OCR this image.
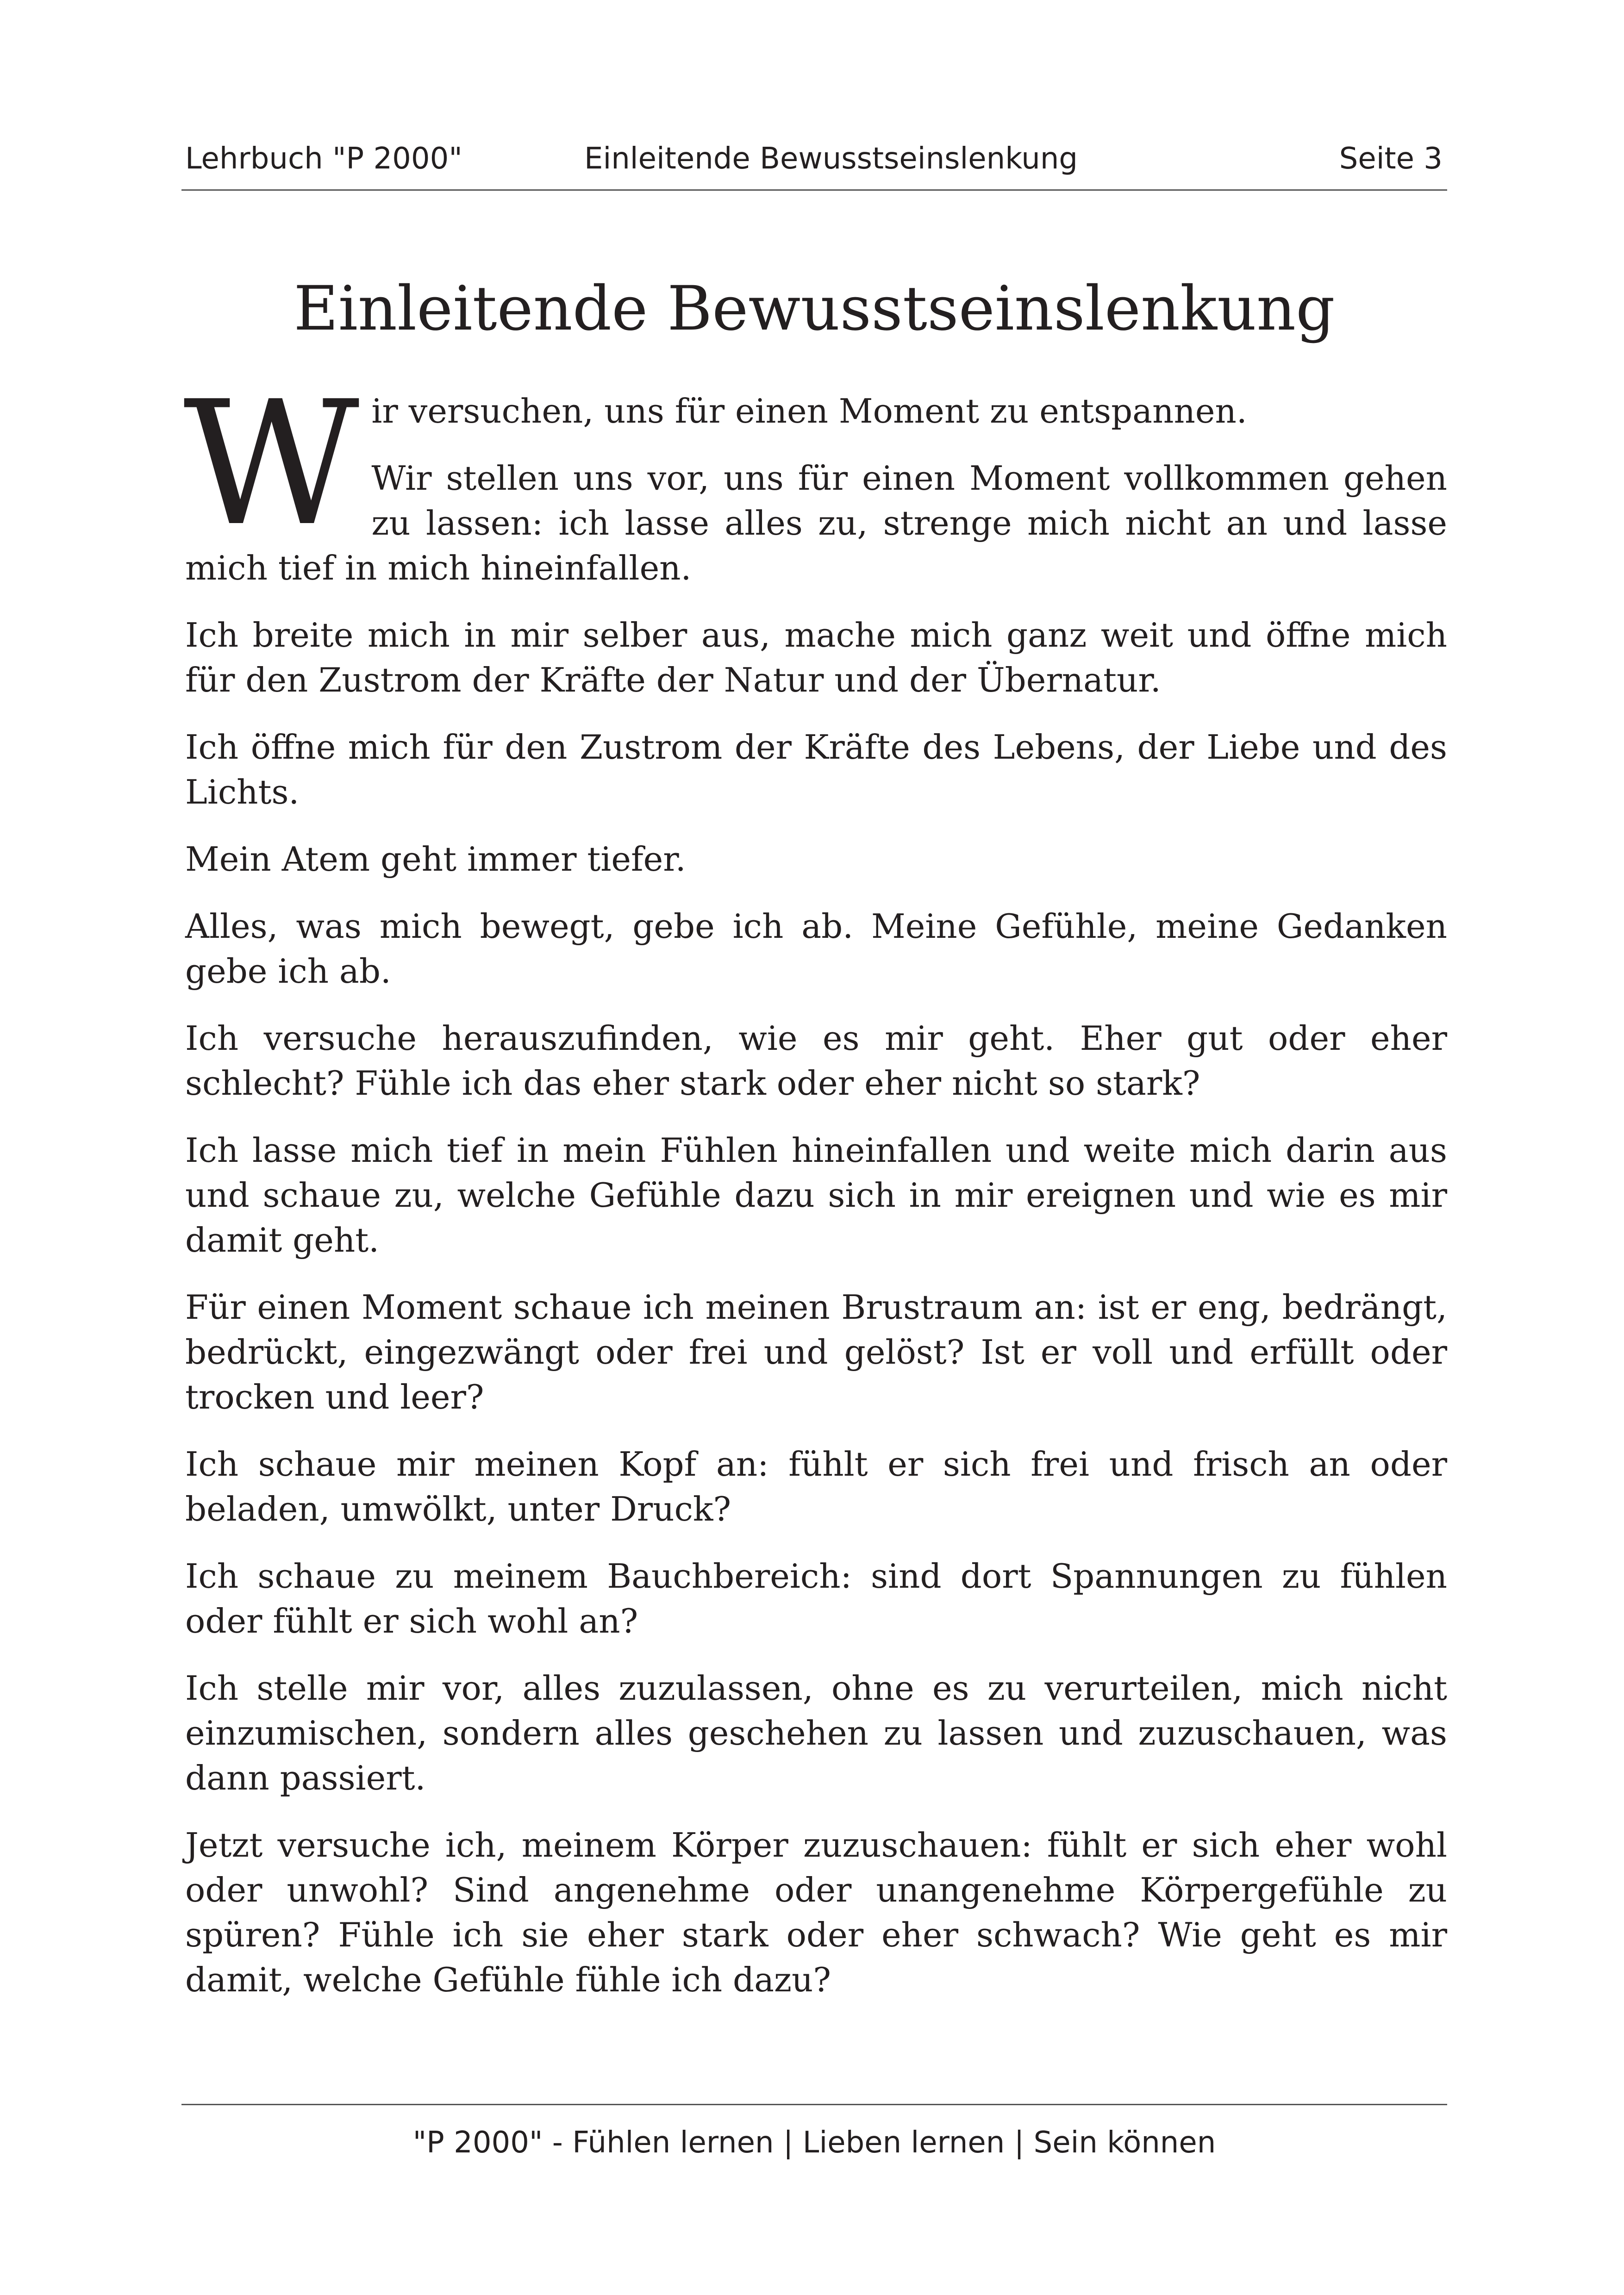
Lehrbuch "P 2000"	Einleitende Bewusstseinslenkung	Seite 3
Einleitende Bewusstseinslenkung

Wir versuchen, uns für einen Moment zu entspannen.

Wir stellen uns vor, uns für einen Moment vollkommen gehen zu lassen: ich lasse alles zu, strenge mich nicht an und lasse mich tief in mich hineinfallen.

Ich breite mich in mir selber aus, mache mich ganz weit und öffne mich für den Zustrom der Kräfte der Natur und der Übernatur.

Ich öffne mich für den Zustrom der Kräfte des Lebens, der Liebe und des Lichts.

Mein Atem geht immer tiefer.

Alles, was mich bewegt, gebe ich ab. Meine Gefühle, meine Gedanken gebe ich ab.

Ich versuche herauszufinden, wie es mir geht. Eher gut oder eher schlecht? Fühle ich das eher stark oder eher nicht so stark?

Ich lasse mich tief in mein Fühlen hineinfallen und weite mich darin aus und schaue zu, welche Gefühle dazu sich in mir ereignen und wie es mir damit geht.

Für einen Moment schaue ich meinen Brustraum an: ist er eng, bedrängt, bedrückt, eingezwängt oder frei und gelöst? Ist er voll und erfüllt oder trocken und leer?

Ich schaue mir meinen Kopf an: fühlt er sich frei und frisch an oder beladen, umwölkt, unter Druck?

Ich schaue zu meinem Bauchbereich: sind dort Spannungen zu fühlen oder fühlt er sich wohl an?

Ich stelle mir vor, alles zuzulassen, ohne es zu verurteilen, mich nicht einzumischen, sondern alles geschehen zu lassen und zuzuschauen, was dann passiert.

Jetzt versuche ich, meinem Körper zuzuschauen: fühlt er sich eher wohl oder unwohl? Sind angenehme oder unangenehme Körpergefühle zu spüren? Fühle ich sie eher stark oder eher schwach? Wie geht es mir damit, welche Gefühle fühle ich dazu?

"P 2000" - Fühlen lernen | Lieben lernen | Sein können
